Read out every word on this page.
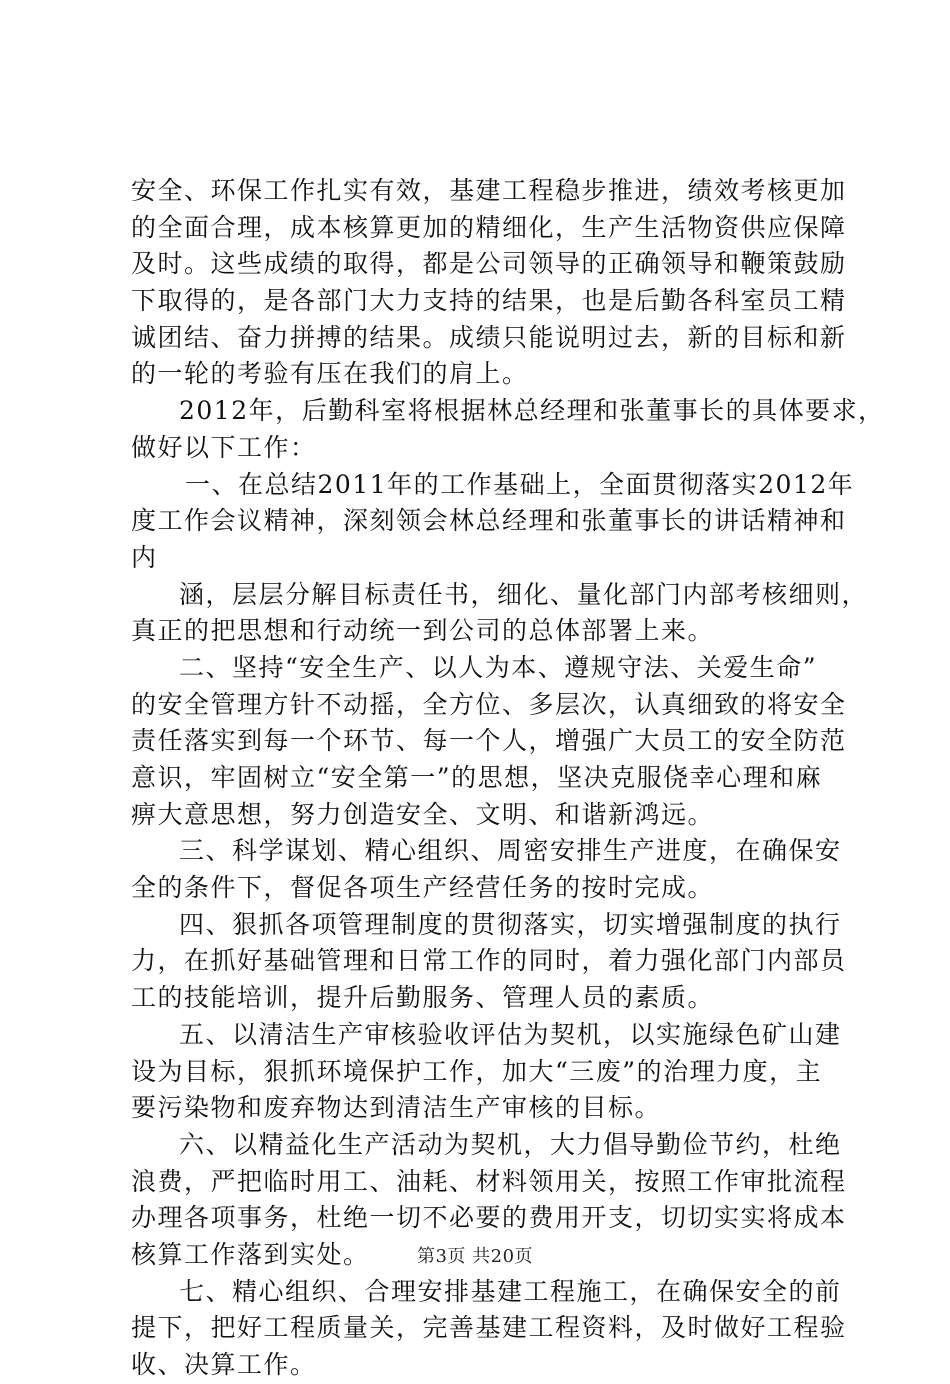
安全、环保工作扎实有效，基建工程稳步推进，绩效考核更加
的全面合理，成本核算更加的精细化，生产生活物资供应保障
及时。这些成绩的取得，都是公司领导的正确领导和鞭策鼓励
下取得的，是各部门大力支持的结果，也是后勤各科室员工精
诚团结、奋力拼搏的结果。成绩只能说明过去，新的目标和新
的一轮的考验有压在我们的肩上。
2012年，后勤科室将根据林总经理和张董事长的具体要求，
做好以下工作：
一、在总结2011年的工作基础上，全面贯彻落实2012年
度工作会议精神，深刻领会林总经理和张董事长的讲话精神和
内
涵，层层分解目标责任书，细化、量化部门内部考核细则，
真正的把思想和行动统一到公司的总体部署上来。
二、坚持“安全生产、以人为本、遵规守法、关爱生命”
的安全管理方针不动摇，全方位、多层次，认真细致的将安全
责任落实到每一个环节、每一个人，增强广大员工的安全防范
意识，牢固树立“安全第一”的思想，坚决克服侥幸心理和麻
痹大意思想，努力创造安全、文明、和谐新鸿远。
三、科学谋划、精心组织、周密安排生产进度，在确保安
全的条件下，督促各项生产经营任务的按时完成。
四、狠抓各项管理制度的贯彻落实，切实增强制度的执行
力，在抓好基础管理和日常工作的同时，着力强化部门内部员
工的技能培训，提升后勤服务、管理人员的素质。
五、以清洁生产审核验收评估为契机，以实施绿色矿山建
设为目标，狠抓环境保护工作，加大“三废”的治理力度，主
要污染物和废弃物达到清洁生产审核的目标。
六、以精益化生产活动为契机，大力倡导勤俭节约，杜绝
浪费，严把临时用工、油耗、材料领用关，按照工作审批流程
办理各项事务，杜绝一切不必要的费用开支，切切实实将成本
核算工作落到实处。
七、精心组织、合理安排基建工程施工，在确保安全的前
提下，把好工程质量关，完善基建工程资料，及时做好工程验
收、决算工作。
第3页 共20页
